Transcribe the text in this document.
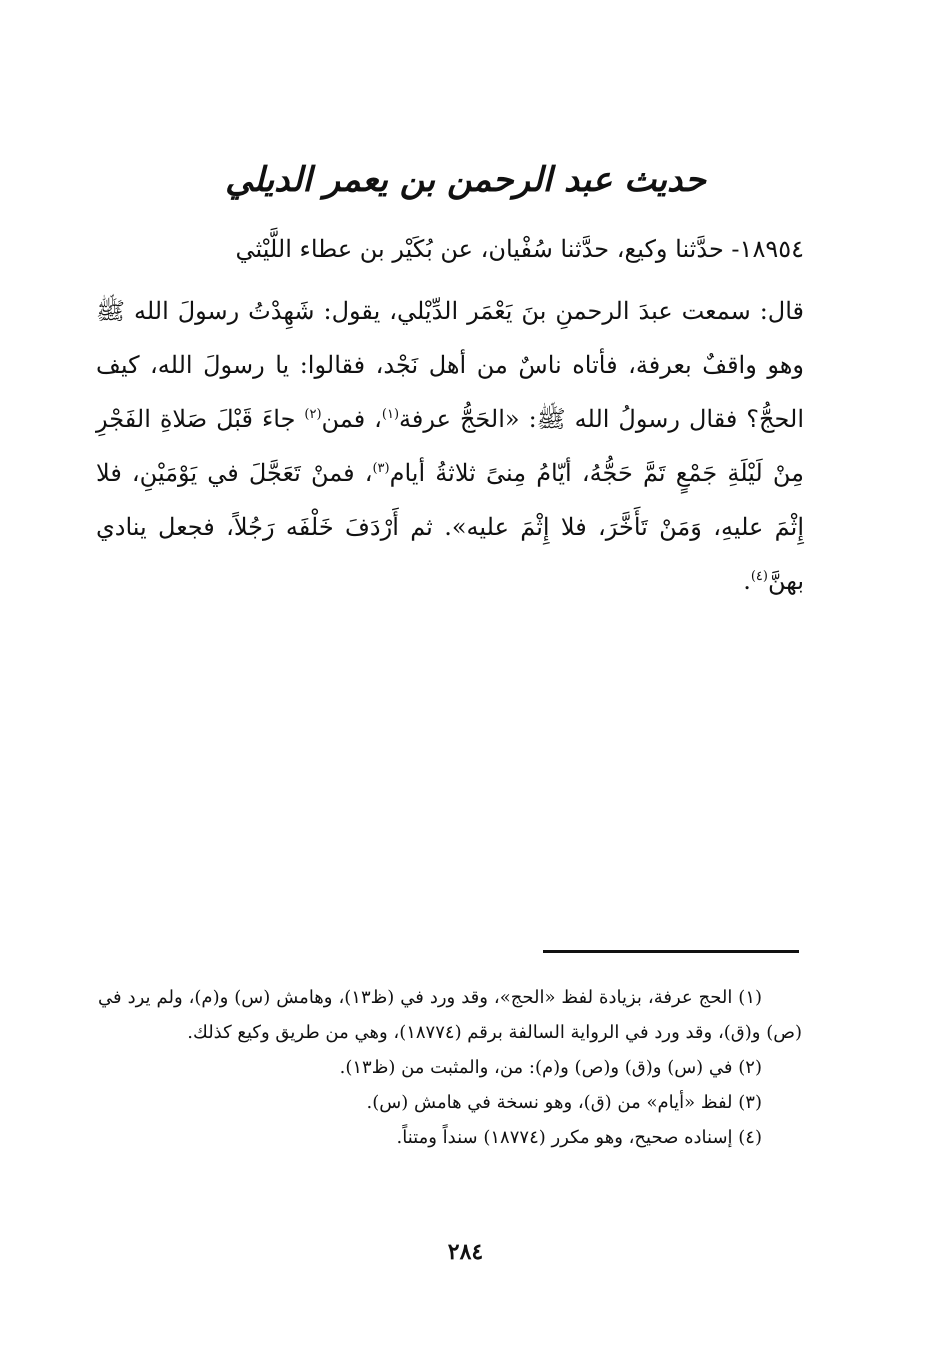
حديث عبد الرحمن بن يعمر الديلي

١٨٩٥٤- حدَّثنا وكيع، حدَّثنا سُفْيان، عن بُكَيْر بن عطاء اللَّيْثي

قال: سمعت عبدَ الرحمنِ بنَ يَعْمَر الدِّيْلي، يقول: شَهِدْتُ رسولَ الله ﷺ وهو واقفٌ بعرفة، فأتاه ناسٌ من أهل نَجْد، فقالوا: يا رسولَ الله، كيف الحجُّ؟ فقال رسولُ الله ﷺ: «الحَجُّ عرفة$^{(١)}$، فمن$^{(٢)}$ جاءَ قَبْلَ صَلاةِ الفَجْرِ مِنْ لَيْلَةِ جَمْعٍ تَمَّ حَجُّهُ، أيّامُ مِنىً ثلاثةُ أيام$^{(٣)}$، فمنْ تَعَجَّلَ في يَوْمَيْنِ، فلا إِثْمَ عليهِ، وَمَنْ تَأَخَّرَ، فلا إِثْمَ عليه». ثم أَرْدَفَ خَلْفَه رَجُلاً، فجعل ينادي بهنَّ$^{(٤)}$.

(١) الحج عرفة، بزيادة لفظ «الحج»، وقد ورد في (ظ١٣)، وهامش (س) و(م)، ولم يرد في (ص) و(ق)، وقد ورد في الرواية السالفة برقم (١٨٧٧٤)، وهي من طريق وكيع كذلك.

(٢) في (س) و(ق) و(ص) و(م): من، والمثبت من (ظ١٣).

(٣) لفظ «أيام» من (ق)، وهو نسخة في هامش (س).

(٤) إسناده صحيح، وهو مكرر (١٨٧٧٤) سنداً ومتناً.

٢٨٤
